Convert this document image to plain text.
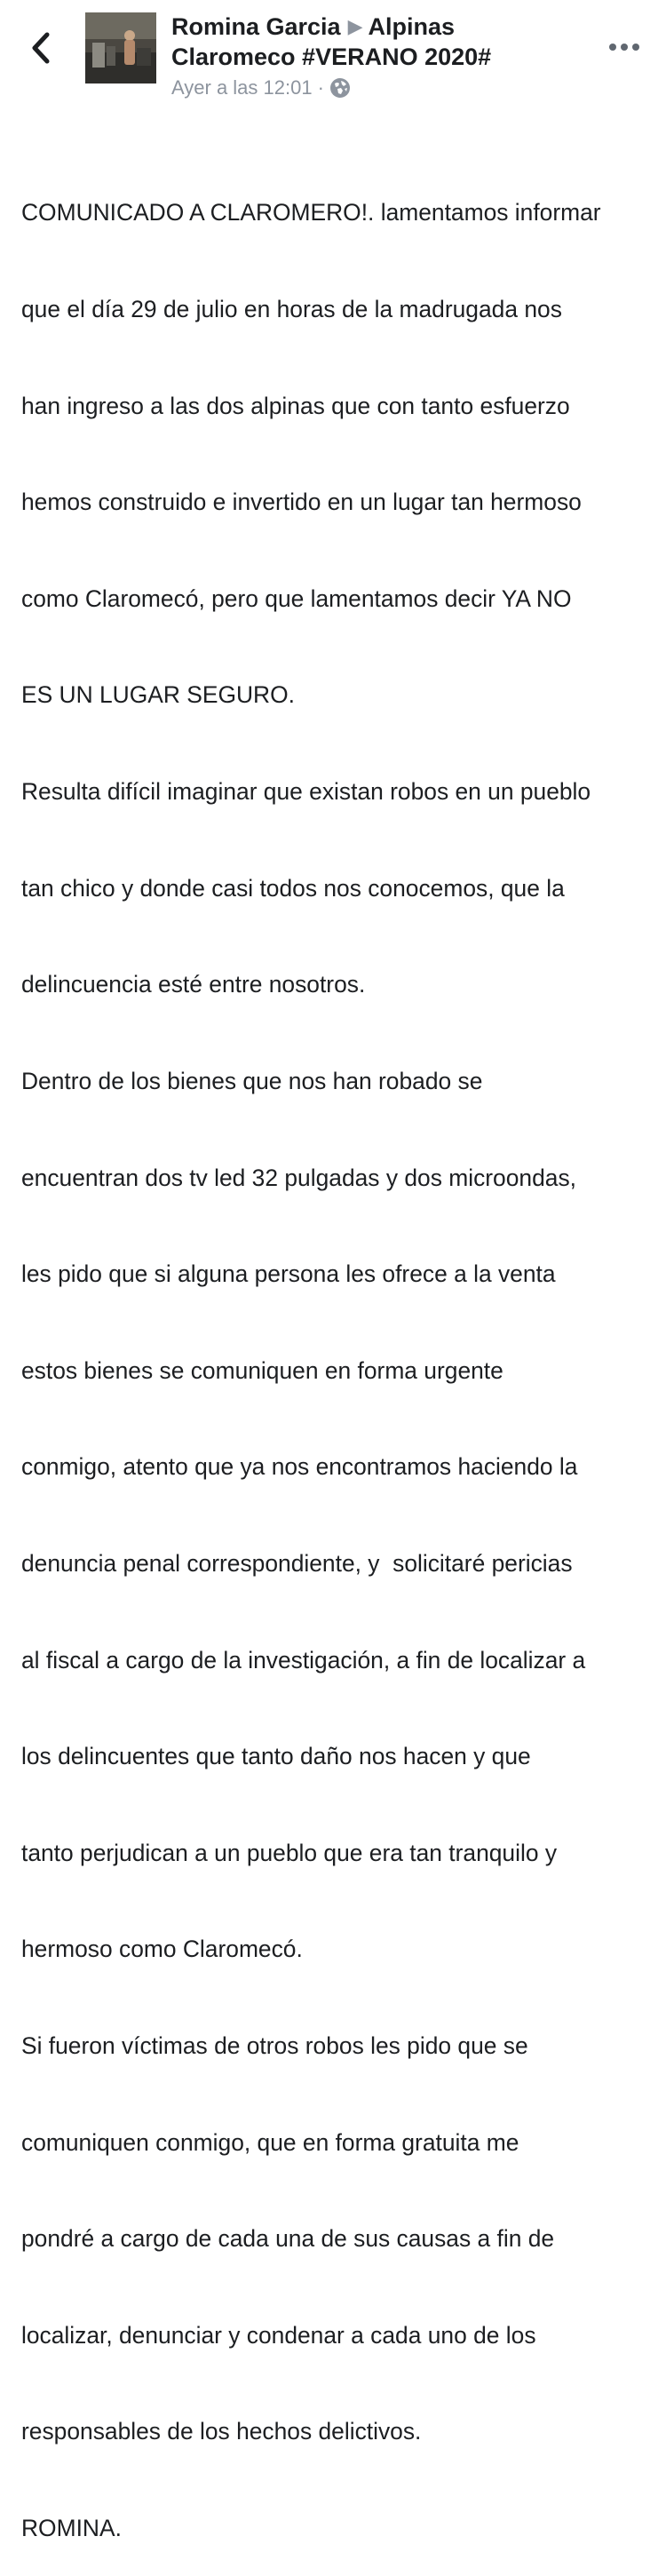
Romina Garcia ▶ Alpinas
Claromeco #VERANO 2020#
Ayer a las 12:01 ·

COMUNICADO A CLAROMERO!. lamentamos informar

que el día 29 de julio en horas de la madrugada nos

han ingreso a las dos alpinas que con tanto esfuerzo

hemos construido e invertido en un lugar tan hermoso

como Claromecó, pero que lamentamos decir YA NO

ES UN LUGAR SEGURO.

Resulta difícil imaginar que existan robos en un pueblo

tan chico y donde casi todos nos conocemos, que la

delincuencia esté entre nosotros.

Dentro de los bienes que nos han robado se

encuentran dos tv led 32 pulgadas y dos microondas,

les pido que si alguna persona les ofrece a la venta

estos bienes se comuniquen en forma urgente

conmigo, atento que ya nos encontramos haciendo la

denuncia penal correspondiente, y  solicitaré pericias

al fiscal a cargo de la investigación, a fin de localizar a

los delincuentes que tanto daño nos hacen y que

tanto perjudican a un pueblo que era tan tranquilo y

hermoso como Claromecó.

Si fueron víctimas de otros robos les pido que se

comuniquen conmigo, que en forma gratuita me

pondré a cargo de cada una de sus causas a fin de

localizar, denunciar y condenar a cada uno de los

responsables de los hechos delictivos.

ROMINA.
